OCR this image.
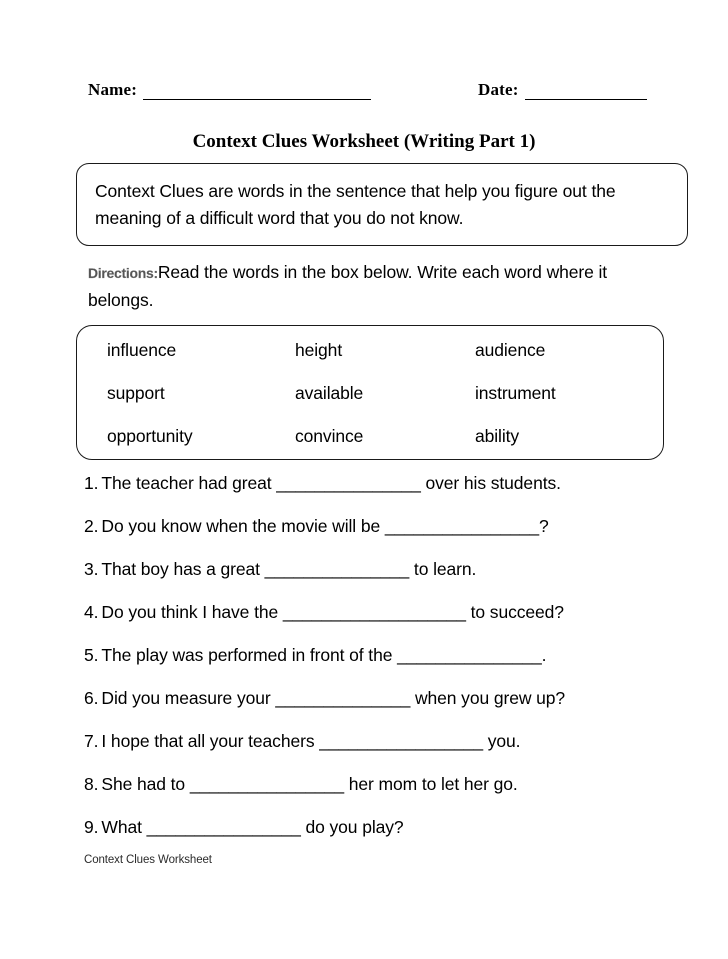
Name:	Date:
Context Clues Worksheet (Writing Part 1)

Context Clues are words in the sentence that help you figure out the meaning of a difficult word that you do not know.

Directions:Read the words in the box below. Write each word where it belongs.
influence	height	audience
support	available	instrument
opportunity	convince	ability
1. The teacher had great _______________ over his students.
2. Do you know when the movie will be ________________?
3. That boy has a great _______________ to learn.
4. Do you think I have the ___________________ to succeed?
5. The play was performed in front of the _______________.
6. Did you measure your ______________ when you grew up?
7. I hope that all your teachers _________________ you.
8. She had to ________________ her mom to let her go.
9. What ________________ do you play?
Context Clues Worksheet
